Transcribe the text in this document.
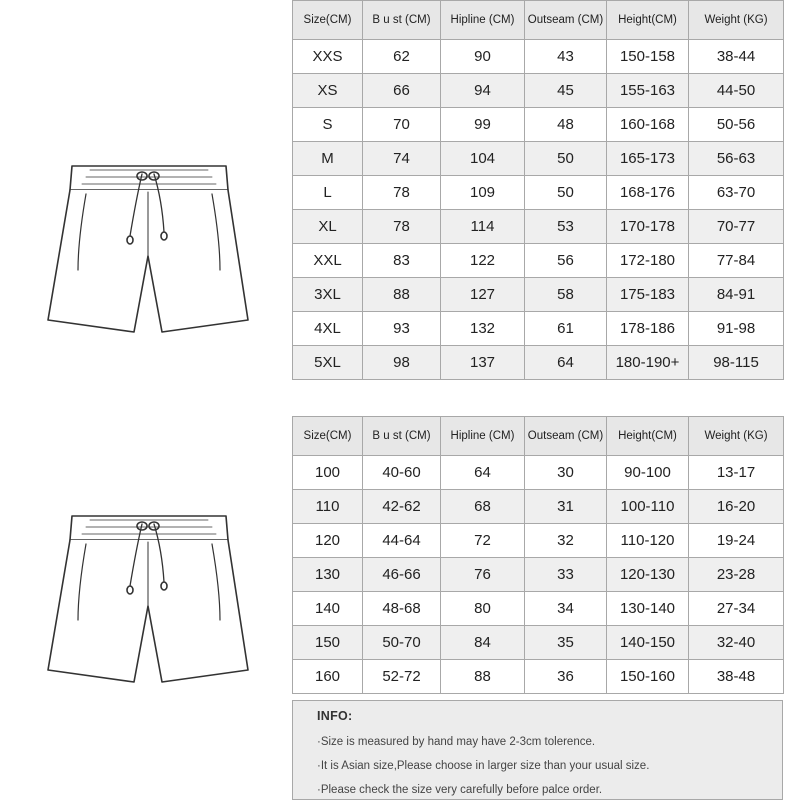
Size(CM)	B u st (CM)	Hipline (CM)	Outseam (CM)	Height(CM)	Weight (KG)
XXS	62	90	43	150-158	38-44
XS	66	94	45	155-163	44-50
S	70	99	48	160-168	50-56
M	74	104	50	165-173	56-63
L	78	109	50	168-176	63-70
XL	78	114	53	170-178	70-77
XXL	83	122	56	172-180	77-84
3XL	88	127	58	175-183	84-91
4XL	93	132	61	178-186	91-98
5XL	98	137	64	180-190+	98-115
Size(CM)	B u st (CM)	Hipline (CM)	Outseam (CM)	Height(CM)	Weight (KG)
100	40-60	64	30	90-100	13-17
110	42-62	68	31	100-110	16-20
120	44-64	72	32	110-120	19-24
130	46-66	76	33	120-130	23-28
140	48-68	80	34	130-140	27-34
150	50-70	84	35	140-150	32-40
160	52-72	88	36	150-160	38-48
INFO:
·Size is measured by hand may have 2-3cm tolerence.
·It is Asian size,Please choose in larger size than your usual size.
·Please check the size very carefully before palce order.
